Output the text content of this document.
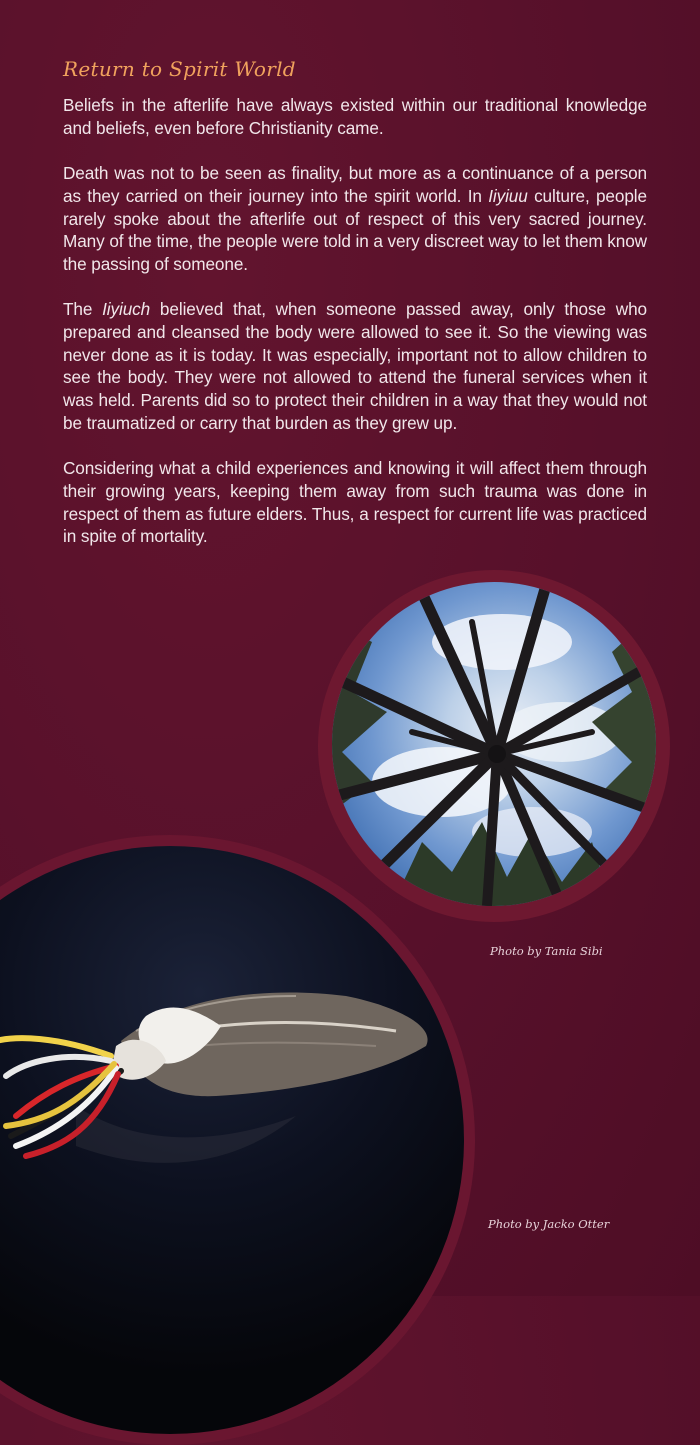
Return to Spirit World

Beliefs in the afterlife have always existed within our traditional knowledge and beliefs, even before Christianity came.

Death was not to be seen as finality, but more as a continuance of a person as they carried on their journey into the spirit world. In Iiyiuu culture, people rarely spoke about the afterlife out of respect of this very sacred journey. Many of the time, the people were told in a very discreet way to let them know the passing of someone.

The Iiyiuch believed that, when someone passed away, only those who prepared and cleansed the body were allowed to see it. So the viewing was never done as it is today. It was especially, important not to allow children to see the body. They were not allowed to attend the funeral services when it was held. Parents did so to protect their children in a way that they would not be traumatized or carry that burden as they grew up.

Considering what a child experiences and knowing it will affect them through their growing years, keeping them away from such trauma was done in respect of them as future elders. Thus, a respect for current life was practiced in spite of mortality.

Photo by Tania Sibi
Photo by Jacko Otter
